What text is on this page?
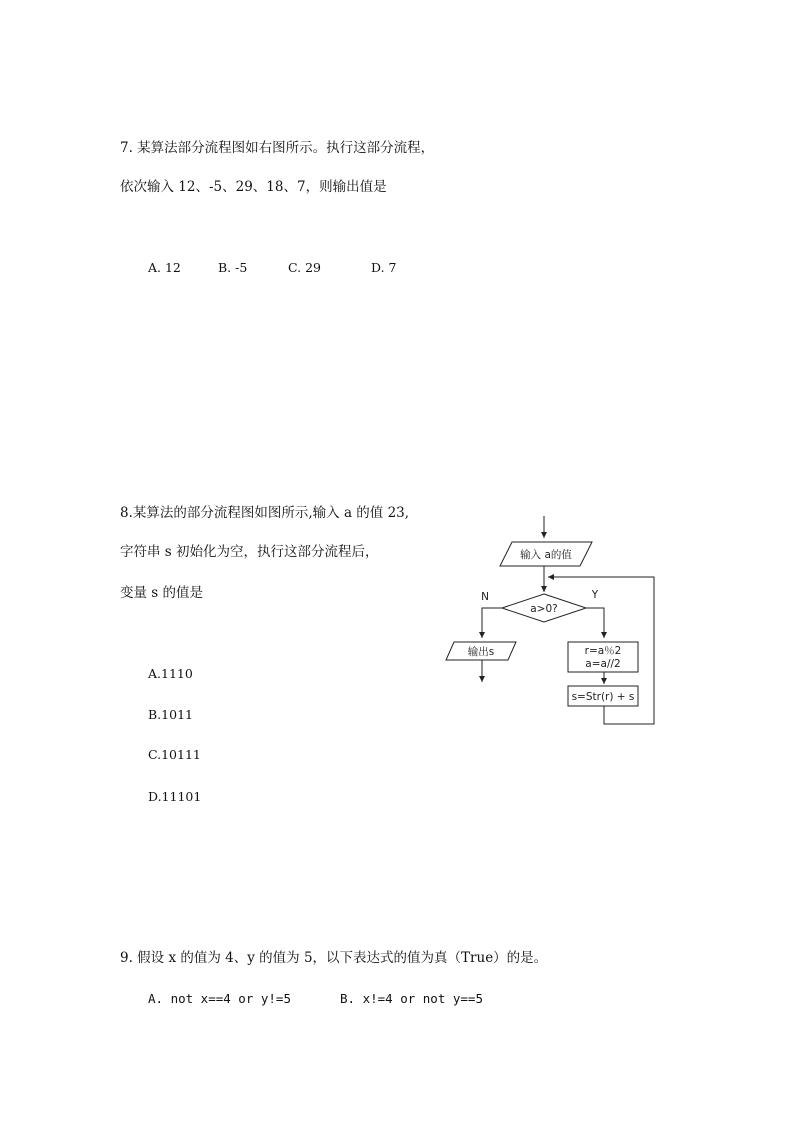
7. 某算法部分流程图如右图所示。执行这部分流程，
依次输入 12、-5、29、18、7，则输出值是
A. 12	B. -5	C. 29	D. 7
8.某算法的部分流程图如图所示,输入 a 的值 23,
字符串 s 初始化为空，执行这部分流程后，
变量 s 的值是
A.1110
B.1011
C.10111
D.11101
输入 a的值
a>0?
N	Y
输出s	r=a％2
a=a//2
s=Str(r) + s
9. 假设 x 的值为 4、y 的值为 5，以下表达式的值为真（True）的是。
A. not x==4 or y!=5	B. x!=4 or not y==5
